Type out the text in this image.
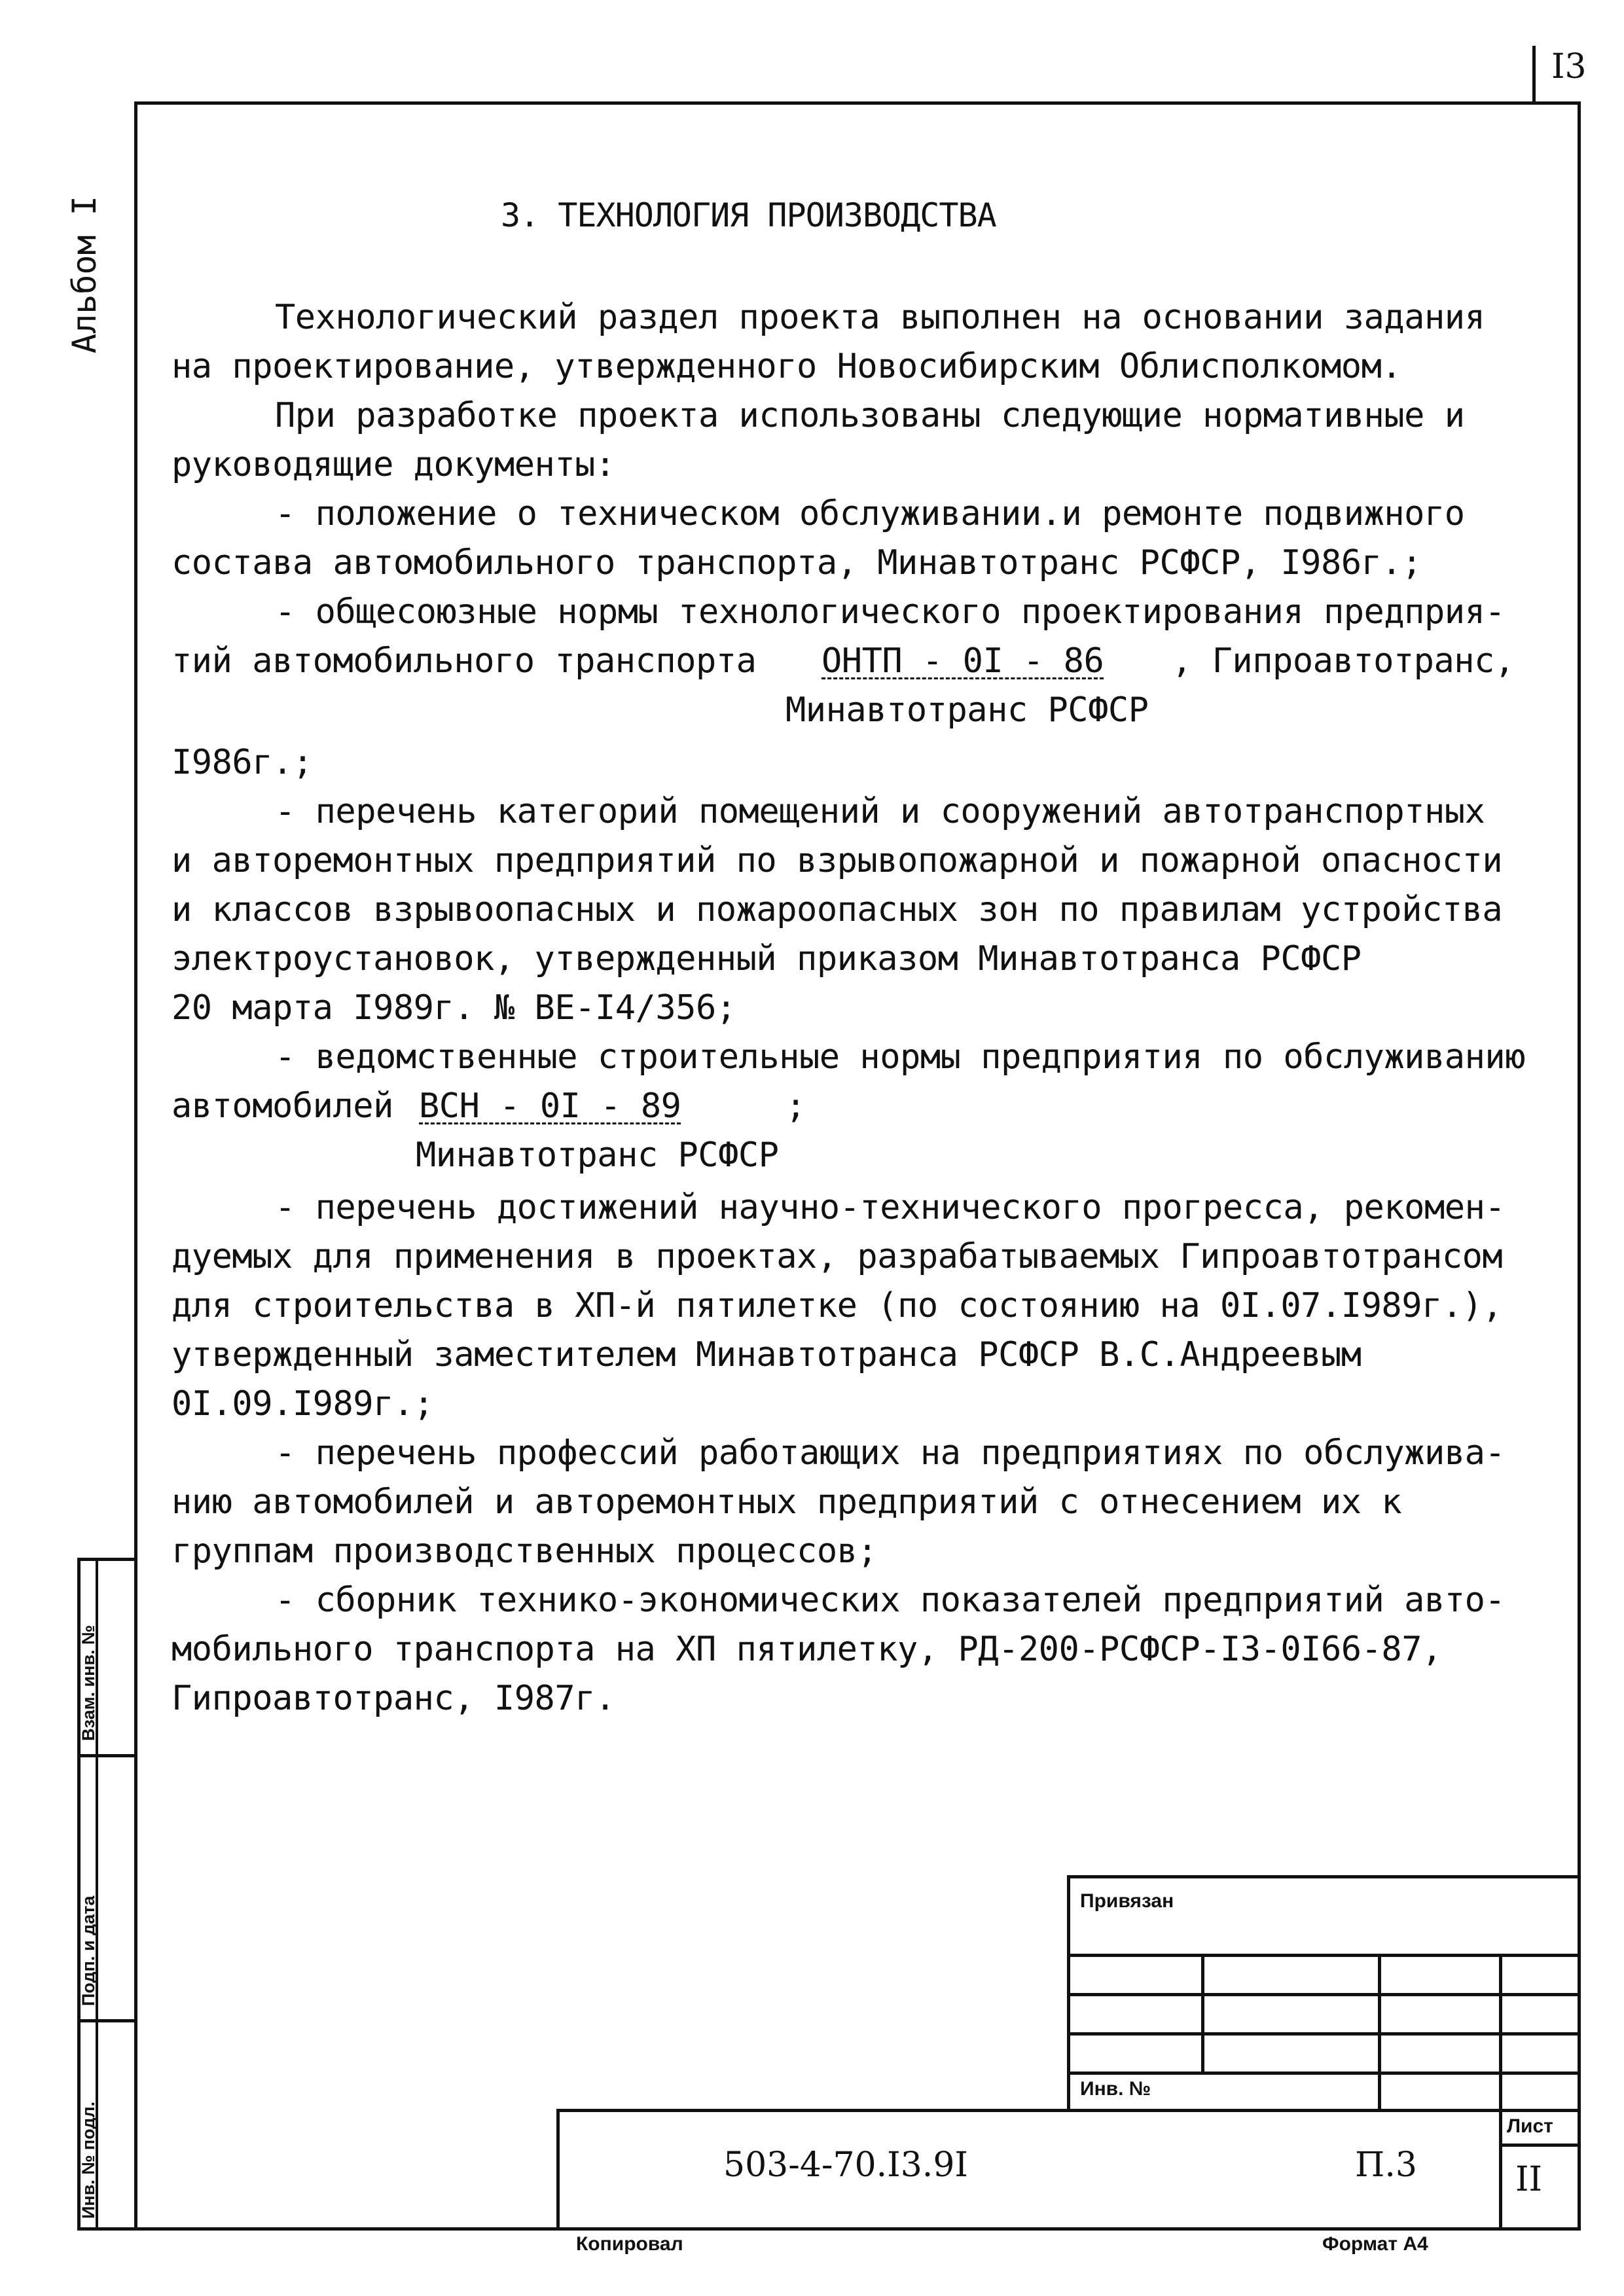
I3
Альбом I
Взам. инв. №
Подп. и дата
Инв. № подл.
3. ТЕХНОЛОГИЯ ПРОИЗВОДСТВА
Технологический раздел проекта выполнен на основании задания
на проектирование, утвержденного Новосибирским Облисполкомом.
При разработке проекта использованы следующие нормативные и
руководящие документы:
- положение о техническом обслуживании.и ремонте подвижного
состава автомобильного транспорта, Минавтотранс РСФСР, I986г.;
- общесоюзные нормы технологического проектирования предприя-
тий автомобильного транспорта ОНТП - 0I - 86 , Гипроавтотранс,
Минавтотранс РСФСР
I986г.;
- перечень категорий помещений и сооружений автотранспортных
и авторемонтных предприятий по взрывопожарной и пожарной опасности
и классов взрывоопасных и пожароопасных зон по правилам устройства
электроустановок, утвержденный приказом Минавтотранса РСФСР
20 марта I989г. № ВЕ-I4/356;
- ведомственные строительные нормы предприятия по обслуживанию
автомобилей ВСН - 0I - 89	;
Минавтотранс РСФСР
- перечень достижений научно-технического прогресса, рекомен-
дуемых для применения в проектах, разрабатываемых Гипроавтотрансом
для строительства в ХП-й пятилетке (по состоянию на 0I.07.I989г.),
утвержденный заместителем Минавтотранса РСФСР В.С.Андреевым
0I.09.I989г.;
- перечень профессий работающих на предприятиях по обслужива-
нию автомобилей и авторемонтных предприятий с отнесением их к
группам производственных процессов;
- сборник технико-экономических показателей предприятий авто-
мобильного транспорта на ХП пятилетку, РД-200-РСФСР-I3-0I66-87,
Гипроавтотранс, I987г.
Привязан
Инв. №
Лист
503-4-70.I3.9I	П.3	II
Копировал	Формат А4
